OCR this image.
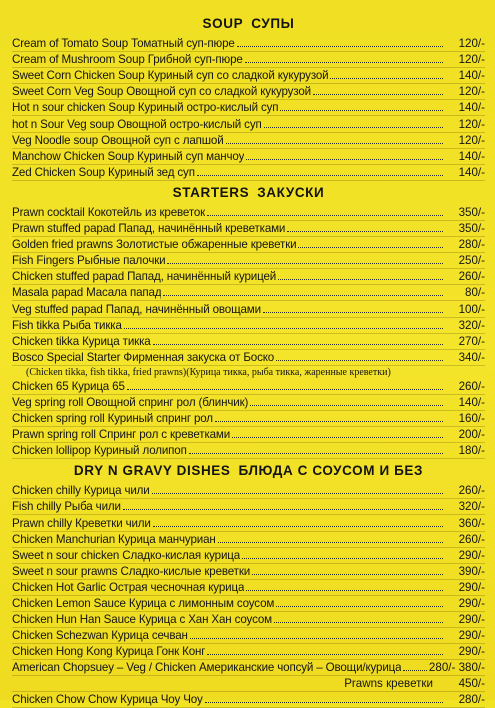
SOUP СУПЫ
Cream of Tomato Soup Томатный суп-пюре	120/-
Cream of Mushroom Soup Грибной суп-пюре	120/-
Sweet Corn Chicken Soup Куриный суп со сладкой кукурузой	140/-
Sweet Corn Veg Soup Овощной суп со сладкой кукурузой	120/-
Hot n sour chicken Soup Куриный остро-кислый суп	140/-
hot n Sour Veg soup Овощной остро-кислый суп	120/-
Veg Noodle soup Овощной суп с лапшой	120/-
Manchow Chicken Soup Куриный суп манчоу	140/-
Zed Chicken Soup Куриный зед суп	140/-
STARTERS ЗАКУСКИ
Prawn cocktail Кокотейль из креветок	350/-
Prawn stuffed papad Папад, начинённый креветками	350/-
Golden fried prawns Золотистые обжаренные креветки	280/-
Fish Fingers Рыбные палочки	250/-
Chicken stuffed papad Папад, начинённый курицей	260/-
Masala papad Масала папад	80/-
Veg stuffed papad Папад, начинённый овощами	100/-
Fish tikka Рыба тикка	320/-
Chicken tikka Курица тикка	270/-
Bosco Special Starter Фирменная закуска от Боско	340/-
(Chicken tikka, fish tikka, fried prawns)(Курица тикка, рыба тикка, жаренные креветки)
Chicken 65 Курица 65	260/-
Veg spring roll Овощной спринг рол (блинчик)	140/-
Chicken spring roll Куриный спринг рол	160/-
Prawn spring roll Спринг рол с креветками	200/-
Chicken lollipop Куриный лолипоп	180/-
DRY N GRAVY DISHES БЛЮДА С СОУСОМ И БЕЗ
Chicken chilly Курица чили	260/-
Fish chilly Рыба чили	320/-
Prawn chilly Креветки чили	360/-
Chicken Manchurian Курица манчуриан	260/-
Sweet n sour chicken Сладко-кислая курица	290/-
Sweet n sour prawns Сладко-кислые креветки	390/-
Chicken Hot Garlic Острая чесночная курица	290/-
Chicken Lemon Sauce Курица с лимонным соусом	290/-
Chicken Hun Han Sauce Курица с Хан Хан соусом	290/-
Chicken Schezwan Курица сечван	290/-
Chicken Hong Kong Курица Гонк Конг	290/-
American Chopsuey – Veg / Chicken Американские чопсуй – Овощи/курица 280/- 380/-
Prawns креветки	450/-
Chicken Chow Chow Курица Чоу Чоу	280/-
